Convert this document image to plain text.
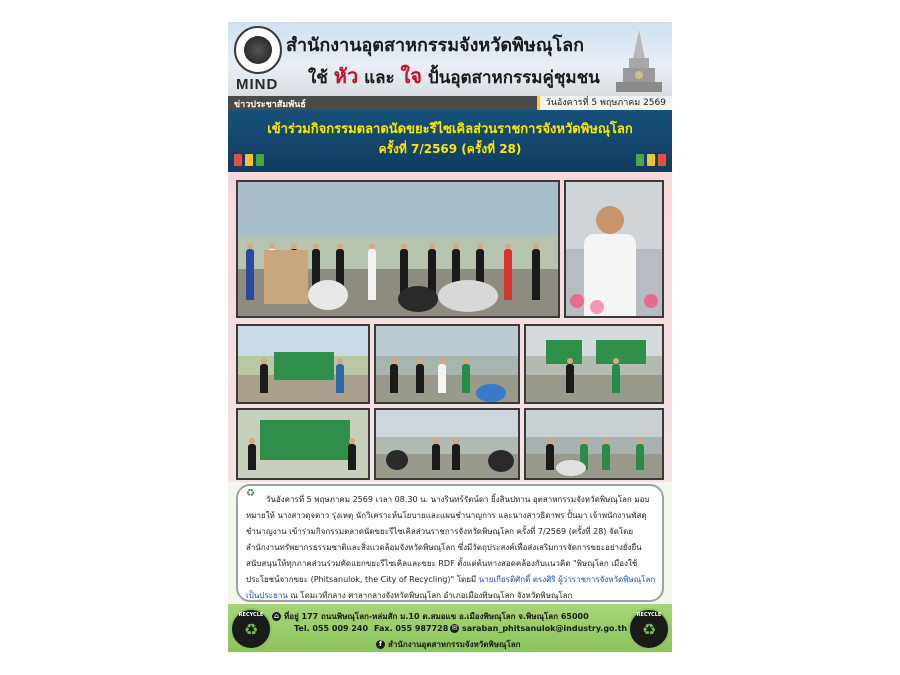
MIND
สำนักงานอุตสาหกรรมจังหวัดพิษณุโลก
ใช้ หัว และ ใจ ปั้นอุตสาหกรรมคู่ชุมชน
ข่าวประชาสัมพันธ์	วันอังคารที่ 5 พฤษภาคม 2569
เข้าร่วมกิจกรรมตลาดนัดขยะรีไซเคิลส่วนราชการจังหวัดพิษณุโลก
ครั้งที่ 7/2569 (ครั้งที่ 28)
♻
วันอังคารที่ 5 พฤษภาคม 2569 เวลา 08.30 น. นางรินทร์รัตน์ดา ยิ้งสินปทาน อุตสาหกรรมจังหวัดพิษณุโลก มอบหมายให้ นางสาวดุจดาว รุ่งเหตุ นักวิเคราะห์นโยบายและแผนชำนาญการ และนางสาวธิดาพร ปั้นมา เจ้าพนักงานพัสดุชำนาญงาน เข้าร่วมกิจกรรมตลาดนัดขยะรีไซเคิลส่วนราชการจังหวัดพิษณุโลก ครั้งที่ 7/2569 (ครั้งที่ 28) จัดโดย สำนักงานทรัพยากรธรรมชาติและสิ่งแวดล้อมจังหวัดพิษณุโลก ซึ่งมีวัตถุประสงค์เพื่อส่งเสริมการจัดการขยะอย่างยั่งยืนสนับสนุนให้ทุกภาคส่วนร่วมคัดแยกขยะรีไซเคิลและขยะ RDF ตั้งแต่ต้นทางสอดคล้องกับแนวคิด "พิษณุโลก เมืองใช้ประโยชน์จากขยะ (Phitsanulok, the City of Recycling)" โดยมี นายเกียรติศักดิ์ ตรงศิริ ผู้ว่าราชการจังหวัดพิษณุโลก เป็นประธาน ณ โดมเวทีกลาง ศาลากลางจังหวัดพิษณุโลก อำเภอเมืองพิษณุโลก จังหวัดพิษณุโลก
RECYCLE
♻
⌂ ที่อยู่ 177 ถนนพิษณุโลก-หล่มสัก ม.10 ต.สมอแข อ.เมืองพิษณุโลก จ.พิษณุโลก 65000
Tel. 055 009 240 Fax. 055 987728 ✉ saraban_phitsanulok@industry.go.th
f สำนักงานอุตสาหกรรมจังหวัดพิษณุโลก
RECYCLE
♻
